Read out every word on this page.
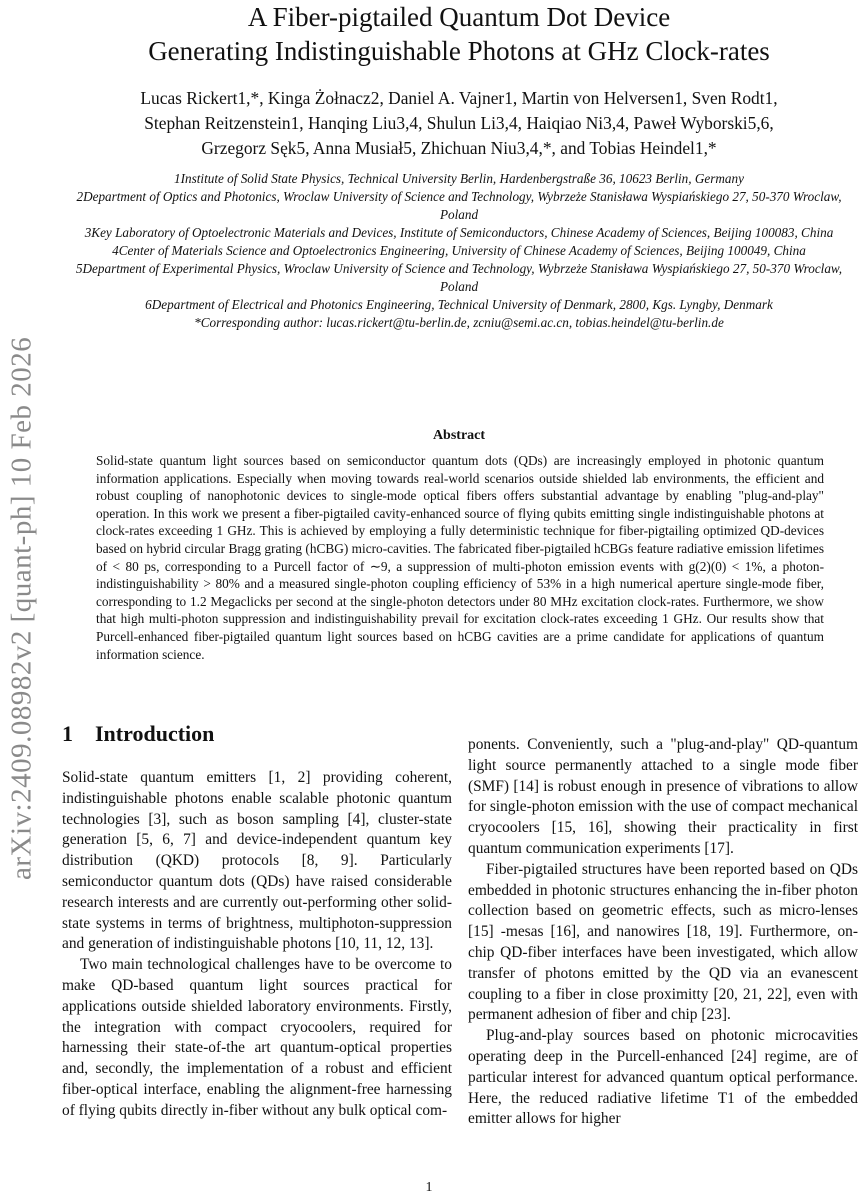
arXiv:2409.08982v2 [quant-ph] 10 Feb 2026
A Fiber-pigtailed Quantum Dot Device
Generating Indistinguishable Photons at GHz Clock-rates
Lucas Rickert1,*, Kinga Żołnacz2, Daniel A. Vajner1, Martin von Helversen1, Sven Rodt1,
Stephan Reitzenstein1, Hanqing Liu3,4, Shulun Li3,4, Haiqiao Ni3,4, Paweł Wyborski5,6,
Grzegorz Sęk5, Anna Musiał5, Zhichuan Niu3,4,*, and Tobias Heindel1,*

1Institute of Solid State Physics, Technical University Berlin, Hardenbergstraße 36, 10623 Berlin, Germany

2Department of Optics and Photonics, Wroclaw University of Science and Technology, Wybrzeże Stanisława Wyspiańskiego 27, 50-370 Wroclaw, Poland

3Key Laboratory of Optoelectronic Materials and Devices, Institute of Semiconductors, Chinese Academy of Sciences, Beijing 100083, China

4Center of Materials Science and Optoelectronics Engineering, University of Chinese Academy of Sciences, Beijing 100049, China

5Department of Experimental Physics, Wroclaw University of Science and Technology, Wybrzeże Stanisława Wyspiańskiego 27, 50-370 Wroclaw, Poland

6Department of Electrical and Photonics Engineering, Technical University of Denmark, 2800, Kgs. Lyngby, Denmark

*Corresponding author: lucas.rickert@tu-berlin.de, zcniu@semi.ac.cn, tobias.heindel@tu-berlin.de

Abstract

Solid-state quantum light sources based on semiconductor quantum dots (QDs) are increasingly employed in photonic quantum information applications. Especially when moving towards real-world scenarios outside shielded lab environments, the efficient and robust coupling of nanophotonic devices to single-mode optical fibers offers substantial advantage by enabling "plug-and-play" operation. In this work we present a fiber-pigtailed cavity-enhanced source of flying qubits emitting single indistinguishable photons at clock-rates exceeding 1 GHz. This is achieved by employing a fully deterministic technique for fiber-pigtailing optimized QD-devices based on hybrid circular Bragg grating (hCBG) micro-cavities. The fabricated fiber-pigtailed hCBGs feature radiative emission lifetimes of < 80 ps, corresponding to a Purcell factor of ∼9, a suppression of multi-photon emission events with g(2)(0) < 1%, a photon-indistinguishability > 80% and a measured single-photon coupling efficiency of 53% in a high numerical aperture single-mode fiber, corresponding to 1.2 Megaclicks per second at the single-photon detectors under 80 MHz excitation clock-rates. Furthermore, we show that high multi-photon suppression and indistinguishability prevail for excitation clock-rates exceeding 1 GHz. Our results show that Purcell-enhanced fiber-pigtailed quantum light sources based on hCBG cavities are a prime candidate for applications of quantum information science.

1 Introduction

Solid-state quantum emitters [1, 2] providing coherent, indistinguishable photons enable scalable photonic quantum technologies [3], such as boson sampling [4], cluster-state generation [5, 6, 7] and device-independent quantum key distribution (QKD) protocols [8, 9]. Particularly semiconductor quantum dots (QDs) have raised considerable research interests and are currently out-performing other solid-state systems in terms of brightness, multiphoton-suppression and generation of indistinguishable photons [10, 11, 12, 13].

Two main technological challenges have to be overcome to make QD-based quantum light sources practical for applications outside shielded laboratory environments. Firstly, the integration with compact cryocoolers, required for harnessing their state-of-the art quantum-optical properties and, secondly, the implementation of a robust and efficient fiber-optical interface, enabling the alignment-free harnessing of flying qubits directly in-fiber without any bulk optical com-

ponents. Conveniently, such a "plug-and-play" QD-quantum light source permanently attached to a single mode fiber (SMF) [14] is robust enough in presence of vibrations to allow for single-photon emission with the use of compact mechanical cryocoolers [15, 16], showing their practicality in first quantum communication experiments [17].

Fiber-pigtailed structures have been reported based on QDs embedded in photonic structures enhancing the in-fiber photon collection based on geometric effects, such as micro-lenses [15] -mesas [16], and nanowires [18, 19]. Furthermore, on-chip QD-fiber interfaces have been investigated, which allow transfer of photons emitted by the QD via an evanescent coupling to a fiber in close proximitty [20, 21, 22], even with permanent adhesion of fiber and chip [23].

Plug-and-play sources based on photonic microcavities operating deep in the Purcell-enhanced [24] regime, are of particular interest for advanced quantum optical performance. Here, the reduced radiative lifetime T1 of the embedded emitter allows for higher

1
